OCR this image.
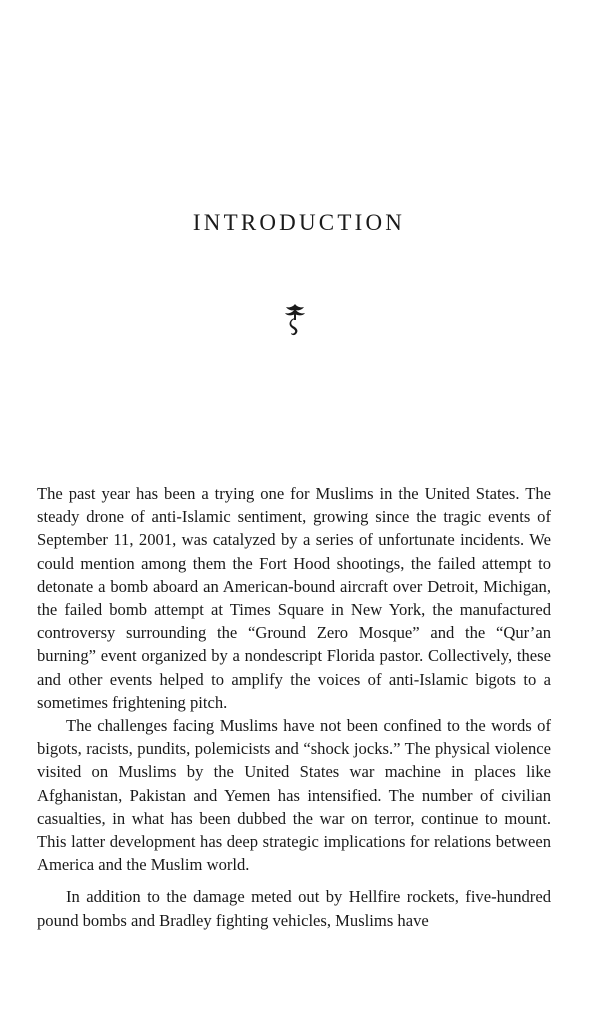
INTRODUCTION

The past year has been a trying one for Muslims in the United States. The steady drone of anti-Islamic sentiment, growing since the tragic events of September 11, 2001, was catalyzed by a series of unfortunate incidents. We could mention among them the Fort Hood shootings, the failed attempt to detonate a bomb aboard an American-bound aircraft over Detroit, Michigan, the failed bomb attempt at Times Square in New York, the manufactured controversy surrounding the “Ground Zero Mosque” and the “Qur’an burning” event organized by a nondescript Florida pastor. Collectively, these and other events helped to amplify the voices of anti-Islamic bigots to a sometimes frightening pitch.

The challenges facing Muslims have not been confined to the words of bigots, racists, pundits, polemicists and “shock jocks.” The physical violence visited on Muslims by the United States war machine in places like Afghanistan, Pakistan and Yemen has intensified. The number of civilian casualties, in what has been dubbed the war on terror, continue to mount. This latter development has deep strategic implications for relations between America and the Muslim world.

In addition to the damage meted out by Hellfire rockets, five-hundred pound bombs and Bradley fighting vehicles, Muslims have
